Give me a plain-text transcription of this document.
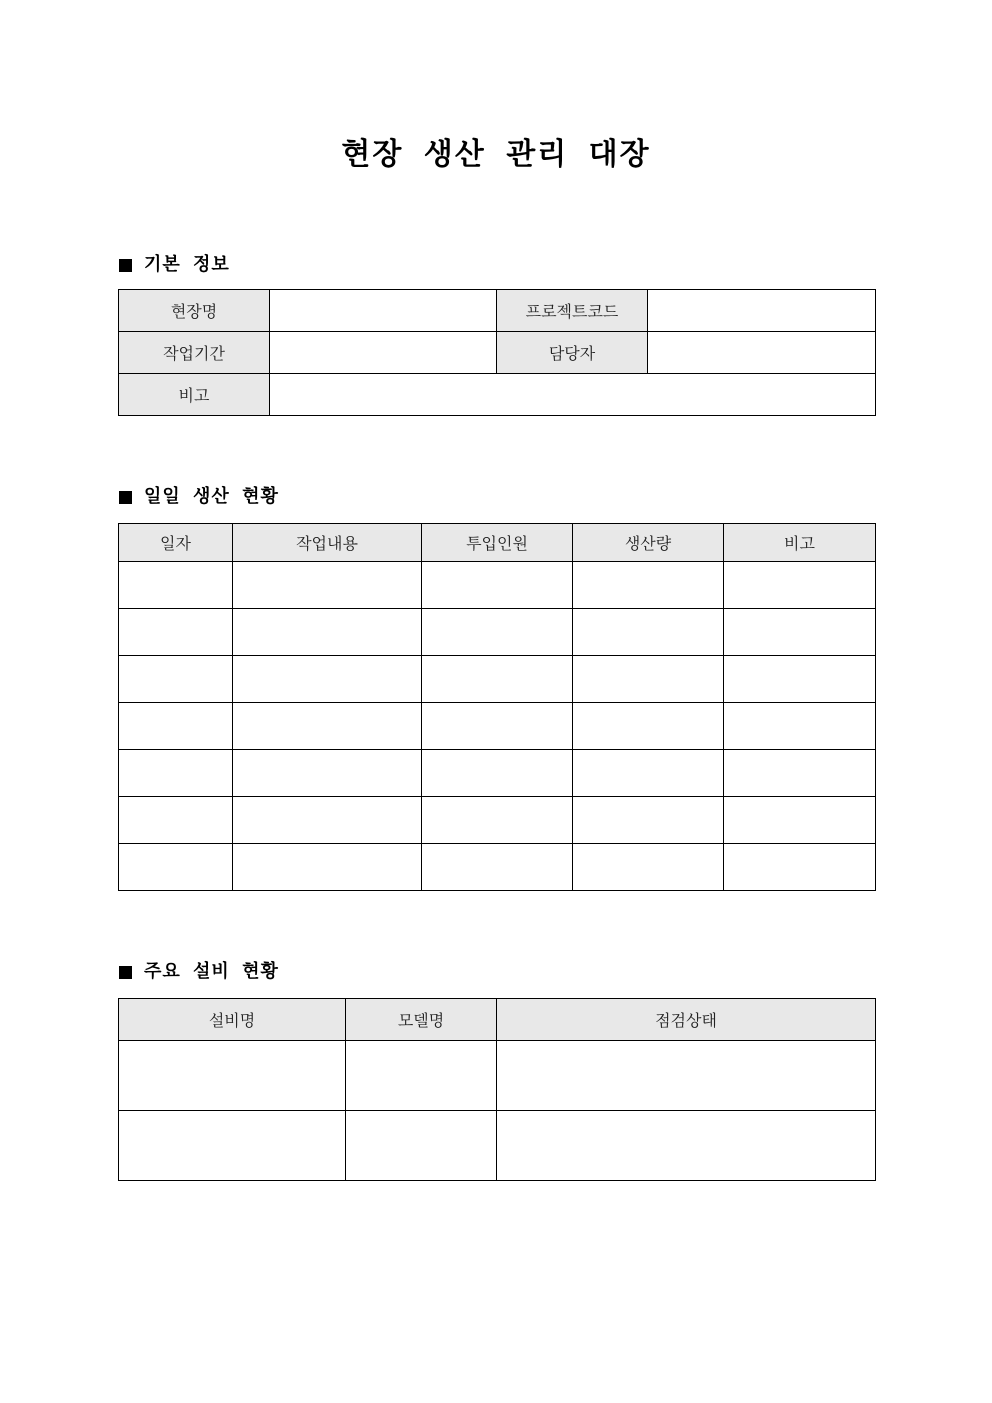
현장 생산 관리 대장
기본 정보
현장명		프로젝트코드	
작업기간		담당자	
비고			
일일 생산 현황
일자	작업내용	투입인원	생산량	비고

주요 설비 현황
설비명	모델명	점검상태
